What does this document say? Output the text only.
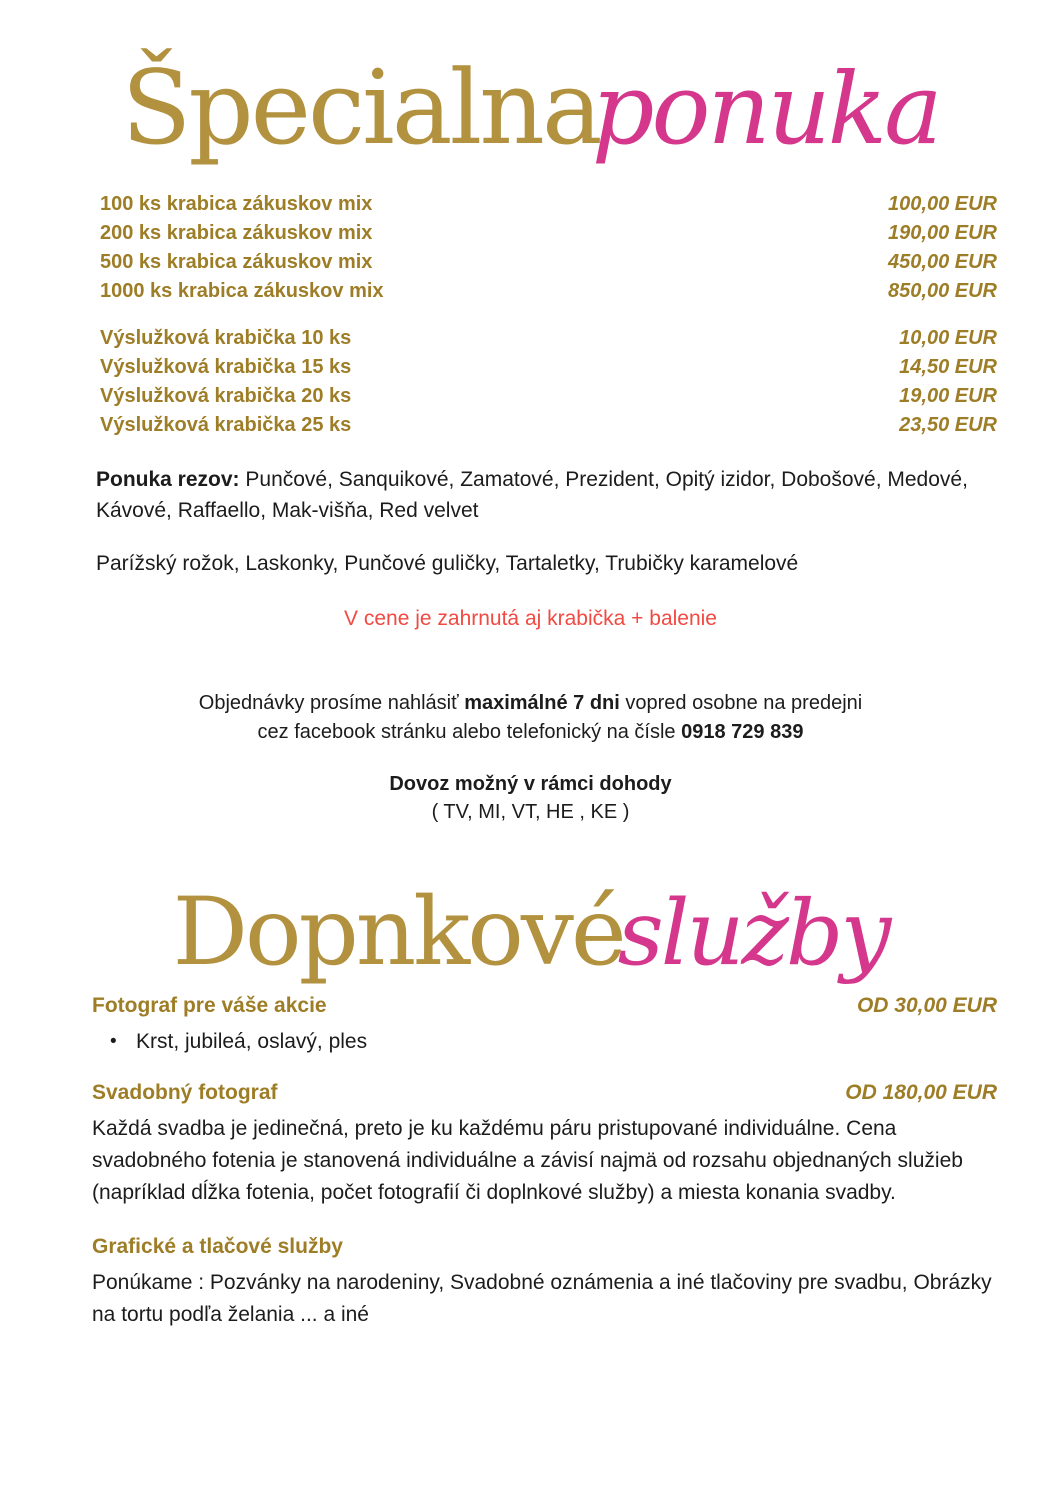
Špecialnaponuka
100 ks krabica zákuskov mix	100,00 EUR
200 ks krabica zákuskov mix	190,00 EUR
500 ks krabica zákuskov mix	450,00 EUR
1000 ks krabica zákuskov mix	850,00 EUR
Výslužková krabička 10 ks	10,00 EUR
Výslužková krabička 15 ks	14,50 EUR
Výslužková krabička 20 ks	19,00 EUR
Výslužková krabička 25 ks	23,50 EUR
Ponuka rezov: Punčové, Sanquikové, Zamatové, Prezident, Opitý izidor, Dobošové, Medové, Kávové, Raffaello, Mak-višňa, Red velvet
Parížský rožok, Laskonky, Punčové guličky, Tartaletky, Trubičky karamelové
V cene je zahrnutá aj krabička + balenie
Objednávky prosíme nahlásiť maximálné 7 dni vopred osobne na predejni
cez facebook stránku alebo telefonický na čísle 0918 729 839
Dovoz možný v rámci dohody
( TV, MI, VT, HE , KE )
Dopnkovéslužby
Fotograf pre váše akcie	OD 30,00 EUR
•
Krst, jubileá, oslavý, ples
Svadobný fotograf	OD 180,00 EUR
Každá svadba je jedinečná, preto je ku každému páru pristupované individuálne. Cena svadobného fotenia je stanovená individuálne a závisí najmä od rozsahu objednaných služieb (napríklad dĺžka fotenia, počet fotografií či doplnkové služby) a miesta konania svadby.
Grafické a tlačové služby
Ponúkame : Pozvánky na narodeniny, Svadobné oznámenia a iné tlačoviny pre svadbu, Obrázky na tortu podľa želania ... a iné
